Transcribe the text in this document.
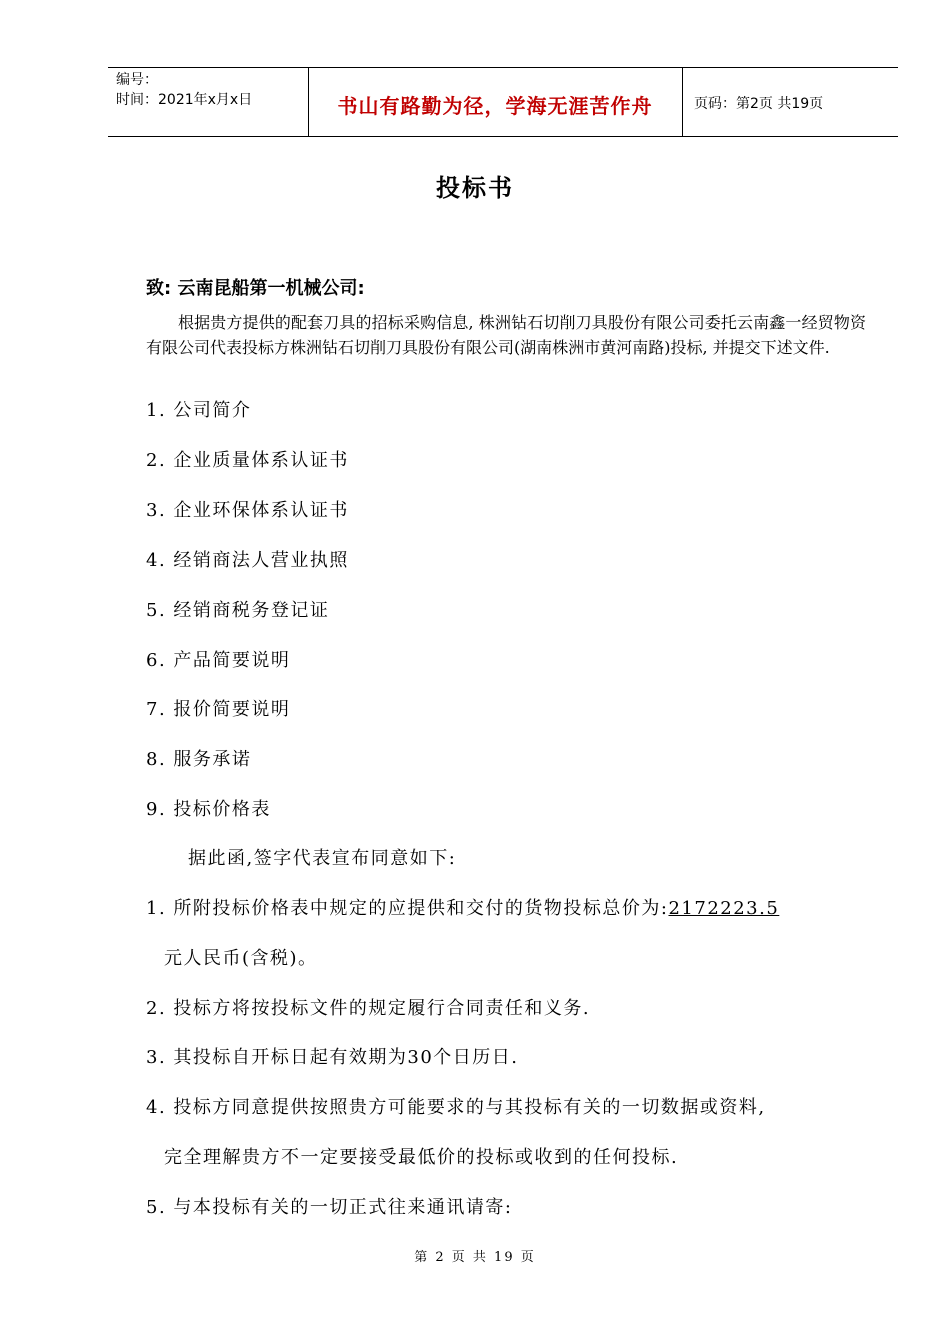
编号：
时间：2021年x月x日	书山有路勤为径，学海无涯苦作舟	页码：第2页 共19页
投标书
致: 云南昆船第一机械公司:
根据贵方提供的配套刀具的招标采购信息, 株洲钻石切削刀具股份有限公司委托云南鑫一经贸物资有限公司代表投标方株洲钻石切削刀具股份有限公司(湖南株洲市黄河南路)投标, 并提交下述文件.
1. 公司简介
2. 企业质量体系认证书
3. 企业环保体系认证书
4. 经销商法人营业执照
5. 经销商税务登记证
6. 产品简要说明
7. 报价简要说明
8. 服务承诺
9. 投标价格表
据此函,签字代表宣布同意如下:
1. 所附投标价格表中规定的应提供和交付的货物投标总价为:2172223.5
元人民币(含税)。
2. 投标方将按投标文件的规定履行合同责任和义务.
3. 其投标自开标日起有效期为30个日历日.
4. 投标方同意提供按照贵方可能要求的与其投标有关的一切数据或资料,
完全理解贵方不一定要接受最低价的投标或收到的任何投标.
5. 与本投标有关的一切正式往来通讯请寄:
第 2 页 共 19 页
